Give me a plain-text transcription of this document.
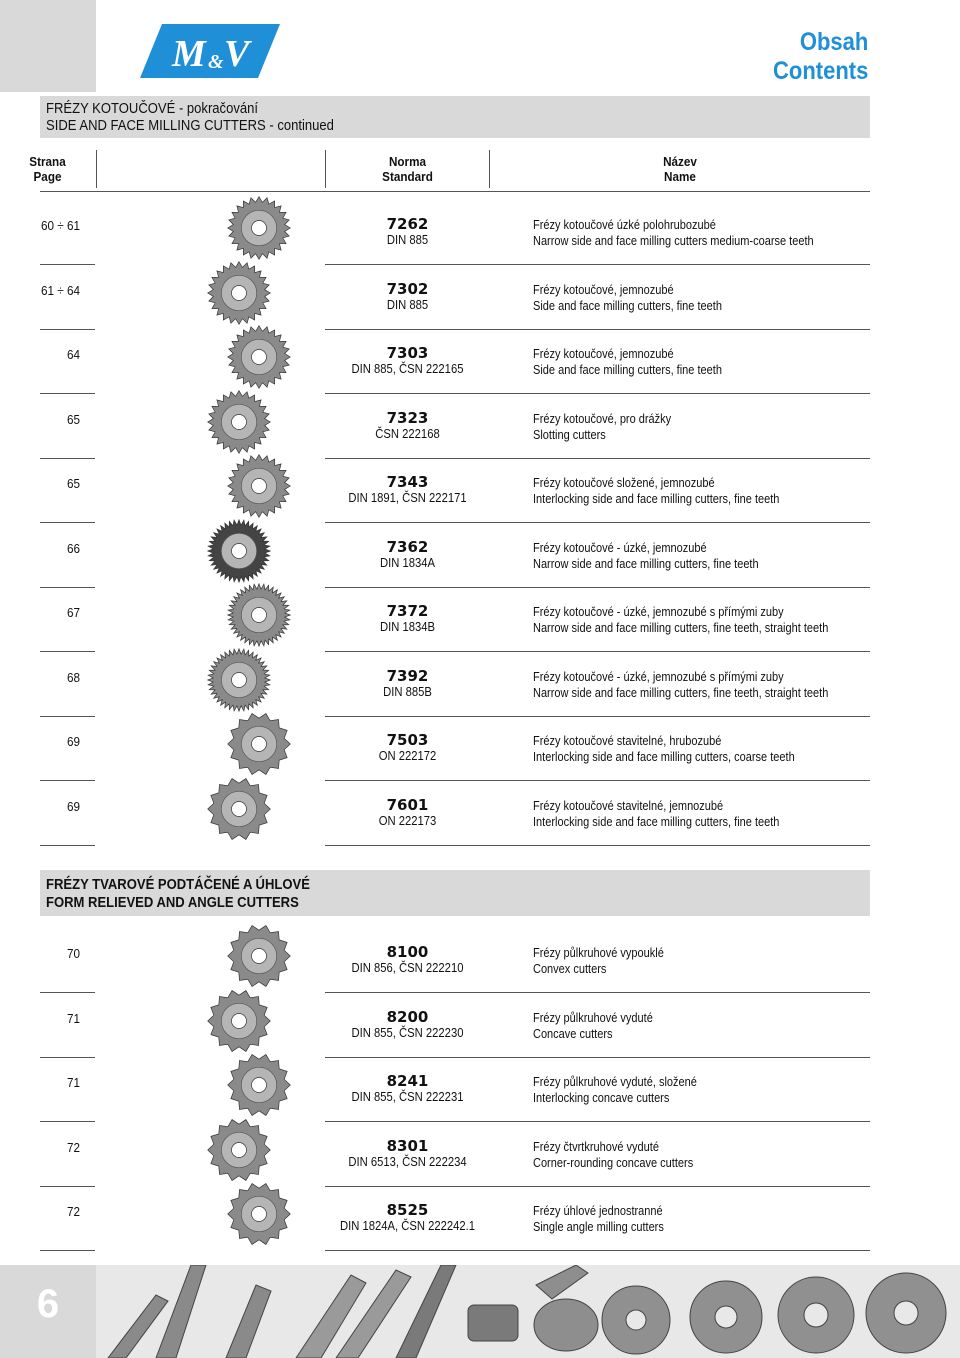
M & V	Obsah
Contents
FRÉZY KOTOUČOVÉ - pokračování
SIDE AND FACE MILLING CUTTERS - continued
Strana
Page
Norma
Standard
Název
Name
60 ÷ 61	7262
DIN 885
Frézy kotoučové úzké polohrubozubé
Narrow side and face milling cutters medium-coarse teeth
61 ÷ 64	7302
DIN 885
Frézy kotoučové, jemnozubé
Side and face milling cutters, fine teeth
64	7303
DIN 885, ČSN 222165
Frézy kotoučové, jemnozubé
Side and face milling cutters, fine teeth
65	7323
ČSN 222168
Frézy kotoučové, pro drážky
Slotting cutters
65	7343
DIN 1891, ČSN 222171
Frézy kotoučové složené, jemnozubé
Interlocking side and face milling cutters, fine teeth
66	7362
DIN 1834A
Frézy kotoučové - úzké, jemnozubé
Narrow side and face milling cutters, fine teeth
67	7372
DIN 1834B
Frézy kotoučové - úzké, jemnozubé s přímými zuby
Narrow side and face milling cutters, fine teeth, straight teeth
68	7392
DIN 885B
Frézy kotoučové - úzké, jemnozubé s přímými zuby
Narrow side and face milling cutters, fine teeth, straight teeth
69	7503
ON 222172
Frézy kotoučové stavitelné, hrubozubé
Interlocking side and face milling cutters, coarse teeth
69	7601
ON 222173
Frézy kotoučové stavitelné, jemnozubé
Interlocking side and face milling cutters, fine teeth
FRÉZY TVAROVÉ PODTÁČENÉ A ÚHLOVÉ
FORM RELIEVED AND ANGLE CUTTERS
70	8100
DIN 856, ČSN 222210
Frézy půlkruhové vypouklé
Convex cutters
71	8200
DIN 855, ČSN 222230
Frézy půlkruhové vyduté
Concave cutters
71	8241
DIN 855, ČSN 222231
Frézy půlkruhové vyduté, složené
Interlocking concave cutters
72	8301
DIN 6513, ČSN 222234
Frézy čtvrtkruhové vyduté
Corner-rounding concave cutters
72	8525
DIN 1824A, ČSN 222242.1
Frézy úhlové jednostranné
Single angle milling cutters
6
